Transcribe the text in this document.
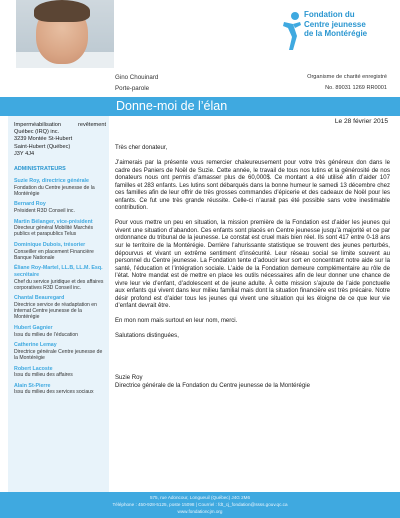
Fondation du
Centre jeunesse
de la Montérégie
Gino Chouinard
Porte-parole
Organisme de charité enregistré
No. 89031 1269 RR0001
Donne-moi de l’élan
Imperméabilisation	revêtement
Québec (IRQ) inc.
3239 Montée St-Hubert
Saint-Hubert (Québec)
J3Y 4J4
ADMINISTRATEURS
Suzie Roy, directrice générale
Fondation du Centre jeunesse de la Montérégie
Bernard Roy
Président R3D Conseil inc.
Martin Bélanger, vice-président
Directeur général Mobilité Marchés publics et parapublics Telus
Dominique Dubois, trésorier
Conseiller en placement Financière Banque Nationale
Éliane Roy-Martel, LL.B, LL.M. Esq. secrétaire
Chef du service juridique et des affaires corporatives R3D Conseil inc.
Chantal Beauregard
Directrice service de réadaptation en internat Centre jeunesse de la Montérégie
Hubert Gagnier
Issu du milieu de l’éducation
Catherine Lemay
Directrice générale Centre jeunesse de la Montérégie
Robert Lacoste
Issu du milieu des affaires
Alain St-Pierre
Issu du milieu des services sociaux
Le 28 février 2015

Très cher donateur,

J’aimerais par la présente vous remercier chaleureusement pour votre très généreux don dans le cadre des Paniers de Noël de Suzie. Cette année, le travail de tous nos lutins et la générosité de nos donateurs nous ont permis d’amasser plus de 60,000$. Ce montant a été utilisé afin d’aider 107 familles et 283 enfants. Les lutins sont débarqués dans la bonne humeur le samedi 13 décembre chez ces familles afin de leur offrir de très grosses commandes d’épicerie et des cadeaux de Noël pour les enfants. Ce fut une très grande réussite. Celle-ci n’aurait pas été possible sans votre inestimable contribution.

Pour vous mettre un peu en situation, la mission première de la Fondation est d’aider les jeunes qui vivent une situation d’abandon. Ces enfants sont placés en Centre jeunesse jusqu’à majorité et ce par ordonnance du tribunal de la jeunesse. Le constat est cruel mais bien réel. Ils sont 417 entre 0-18 ans sur le territoire de la Montérégie. Derrière l’ahurissante statistique se trouvent des jeunes perturbés, dépourvus et vivant un extrême sentiment d’insécurité. Leur réseau social se limite souvent au personnel du Centre jeunesse. La Fondation tente d’adoucir leur sort en concentrant notre aide sur la santé, l’éducation et l’intégration sociale. L’aide de la Fondation demeure complémentaire au rôle de l’état. Notre mandat est de mettre en place les outils nécessaires afin de leur donner une chance de vivre leur vie d’enfant, d’adolescent et de jeune adulte. À cette mission s’ajoute de l’aide ponctuelle aux enfants qui vivent dans leur milieu familial mais dont la situation financière est très précaire. Notre désir profond est d’aider tous les jeunes qui vivent une situation qui les éloigne de ce que leur vie d’enfant devrait être.

En mon nom mais surtout en leur nom, merci.

Salutations distinguées,

Suzie Roy
Directrice générale de la Fondation du Centre jeunesse de la Montérégie
575, rue Adoncour, Longueuil (Québec) J4G 2M6
Téléphone : 450-928-5125, poste 15098 | Courriel : fdt_cj_fondation@ssss.gouv.qc.ca
www.fondationcjm.org
